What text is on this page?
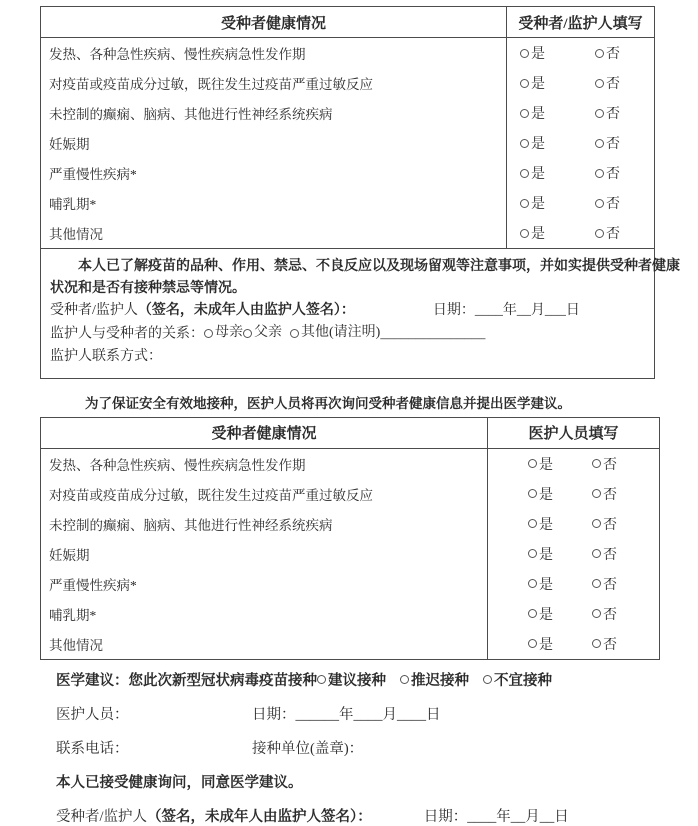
受种者健康情况	受种者/监护人填写
发热、各种急性疾病、慢性疾病急性发作期	是	否
对疫苗或疫苗成分过敏，既往发生过疫苗严重过敏反应	是	否
未控制的癫痫、脑病、其他进行性神经系统疾病	是	否
妊娠期	是	否
严重慢性疾病*	是	否
哺乳期*	是	否
其他情况	是	否
本人已了解疫苗的品种、作用、禁忌、不良反应以及现场留观等注意事项，并如实提供受种者健康状况和是否有接种禁忌等情况。
受种者/监护人（签名，未成年人由监护人签名）：	日期：____年__月___日
监护人与受种者的关系： 母亲 父亲 其他(请注明) _______________
监护人联系方式：
为了保证安全有效地接种，医护人员将再次询问受种者健康信息并提出医学建议。
受种者健康情况	医护人员填写
发热、各种急性疾病、慢性疾病急性发作期	是	否
对疫苗或疫苗成分过敏，既往发生过疫苗严重过敏反应	是	否
未控制的癫痫、脑病、其他进行性神经系统疾病	是	否
妊娠期	是	否
严重慢性疾病*	是	否
哺乳期*	是	否
其他情况	是	否
医学建议：您此次新型冠状病毒疫苗接种 建议接种 推迟接种 不宜接种
医护人员：	日期： ______年____月____日
联系电话：	接种单位(盖章)：
本人已接受健康询问，同意医学建议。
受种者/监护人 （签名，未成年人由监护人签名）：	日期： ____年__月__日
